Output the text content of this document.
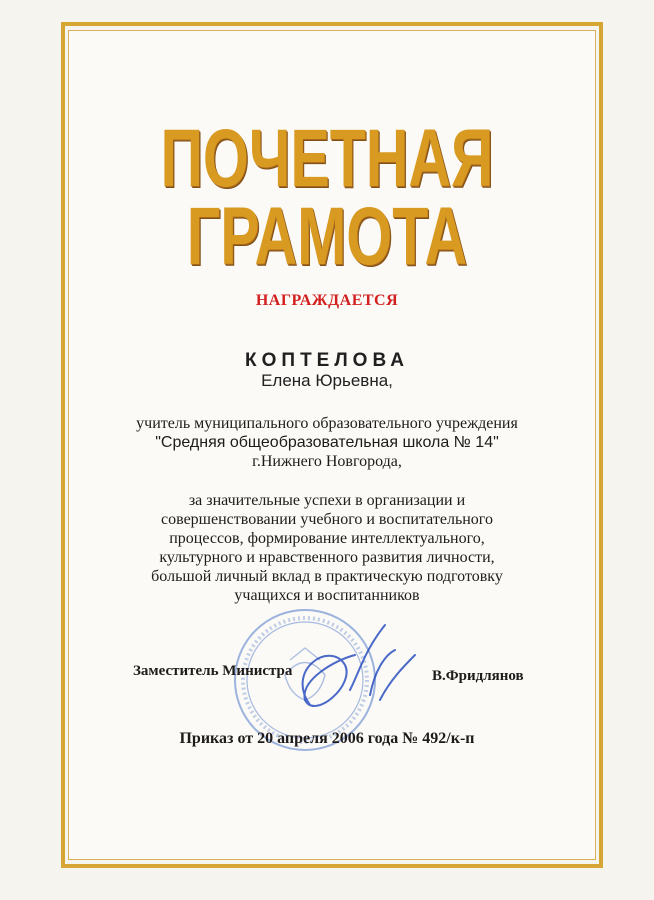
ПОЧЕТНАЯ
ГРАМОТА
НАГРАЖДАЕТСЯ
КОПТЕЛОВА
Елена Юрьевна,
учитель муниципального образовательного учреждения
"Средняя общеобразовательная школа № 14"
г.Нижнего Новгорода,
за значительные успехи в организации и
совершенствовании учебного и воспитательного
процессов, формирование интеллектуального,
культурного и нравственного развития личности,
большой личный вклад в практическую подготовку
учащихся и воспитанников
Заместитель Министра	В.Фридлянов
Приказ от 20 апреля 2006 года № 492/к-п
